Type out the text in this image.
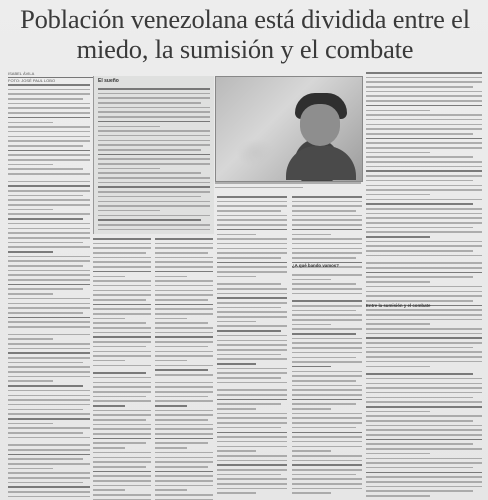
Población venezolana está dividida entre el miedo, la sumisión y el combate
ISABEL ÁVILA
FOTO: JOSÉ PAUL LOBO	El sueño
¿A qué bando vamos?
Entre la sumisión y el combate
